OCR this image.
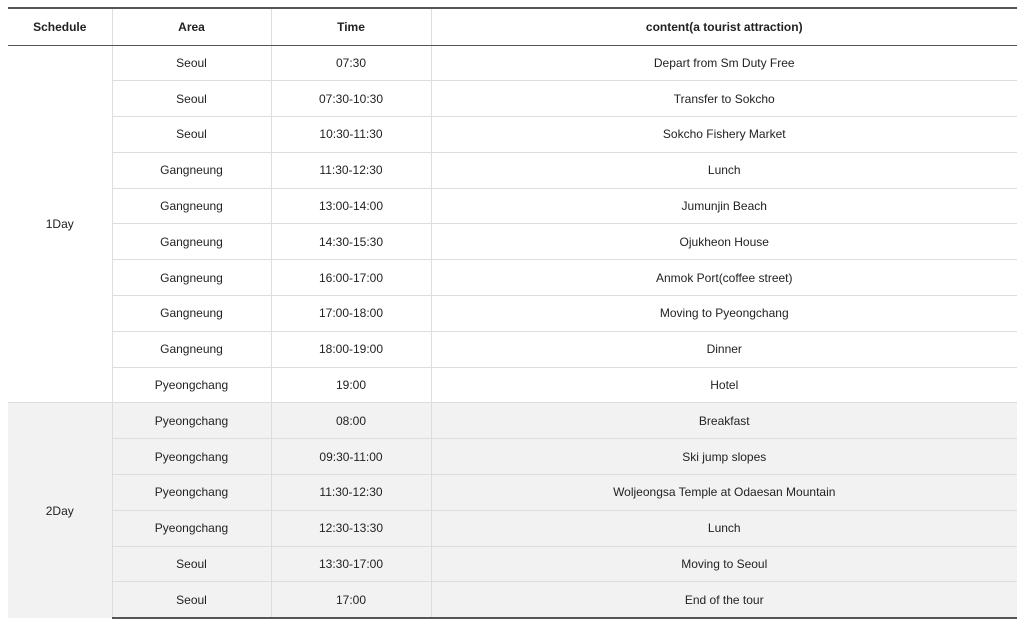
Schedule	Area	Time	content(a tourist attraction)
1Day	Seoul	07:30	Depart from Sm Duty Free
	Seoul	07:30-10:30	Transfer to Sokcho
	Seoul	10:30-11:30	Sokcho Fishery Market
	Gangneung	11:30-12:30	Lunch
	Gangneung	13:00-14:00	Jumunjin Beach
	Gangneung	14:30-15:30	Ojukheon House
	Gangneung	16:00-17:00	Anmok Port(coffee street)
	Gangneung	17:00-18:00	Moving to Pyeongchang
	Gangneung	18:00-19:00	Dinner
	Pyeongchang	19:00	Hotel
2Day	Pyeongchang	08:00	Breakfast
	Pyeongchang	09:30-11:00	Ski jump slopes
	Pyeongchang	11:30-12:30	Woljeongsa Temple at Odaesan Mountain
	Pyeongchang	12:30-13:30	Lunch
	Seoul	13:30-17:00	Moving to Seoul
	Seoul	17:00	End of the tour
